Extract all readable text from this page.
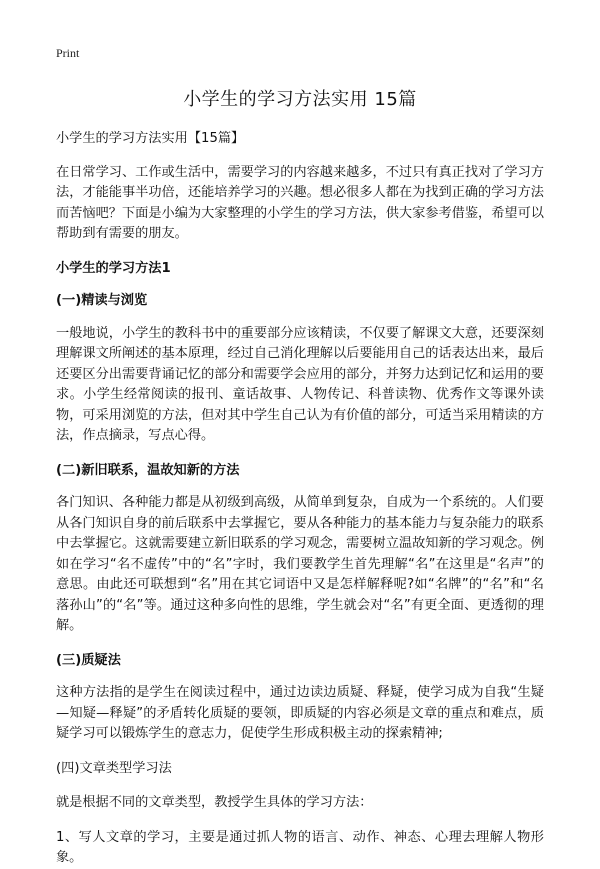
Print
小学生的学习方法实用 15篇

小学生的学习方法实用【15篇】

在日常学习、工作或生活中，需要学习的内容越来越多，不过只有真正找对了学习方法，才能能事半功倍，还能培养学习的兴趣。想必很多人都在为找到正确的学习方法而苦恼吧？下面是小编为大家整理的小学生的学习方法，供大家参考借鉴，希望可以帮助到有需要的朋友。

小学生的学习方法1
(一)精读与浏览

一般地说，小学生的教科书中的重要部分应该精读，不仅要了解课文大意，还要深刻理解课文所阐述的基本原理，经过自己消化理解以后要能用自己的话表达出来，最后还要区分出需要背诵记忆的部分和需要学会应用的部分，并努力达到记忆和运用的要求。小学生经常阅读的报刊、童话故事、人物传记、科普读物、优秀作文等课外读物，可采用浏览的方法，但对其中学生自己认为有价值的部分，可适当采用精读的方法，作点摘录，写点心得。

(二)新旧联系，温故知新的方法

各门知识、各种能力都是从初级到高级，从简单到复杂，自成为一个系统的。人们要从各门知识自身的前后联系中去掌握它，要从各种能力的基本能力与复杂能力的联系中去掌握它。这就需要建立新旧联系的学习观念，需要树立温故知新的学习观念。例如在学习“名不虚传”中的“名”字时，我们要教学生首先理解“名”在这里是“名声”的意思。由此还可联想到“名”用在其它词语中又是怎样解释呢?如“名牌”的“名”和“名落孙山”的“名”等。通过这种多向性的思维，学生就会对“名”有更全面、更透彻的理解。

(三)质疑法

这种方法指的是学生在阅读过程中，通过边读边质疑、释疑，使学习成为自我“生疑—知疑—释疑”的矛盾转化质疑的要领，即质疑的内容必须是文章的重点和难点，质疑学习可以锻炼学生的意志力，促使学生形成积极主动的探索精神;

(四)文章类型学习法

就是根据不同的文章类型，教授学生具体的学习方法：

1、写人文章的学习，主要是通过抓人物的语言、动作、神态、心理去理解人物形象。
